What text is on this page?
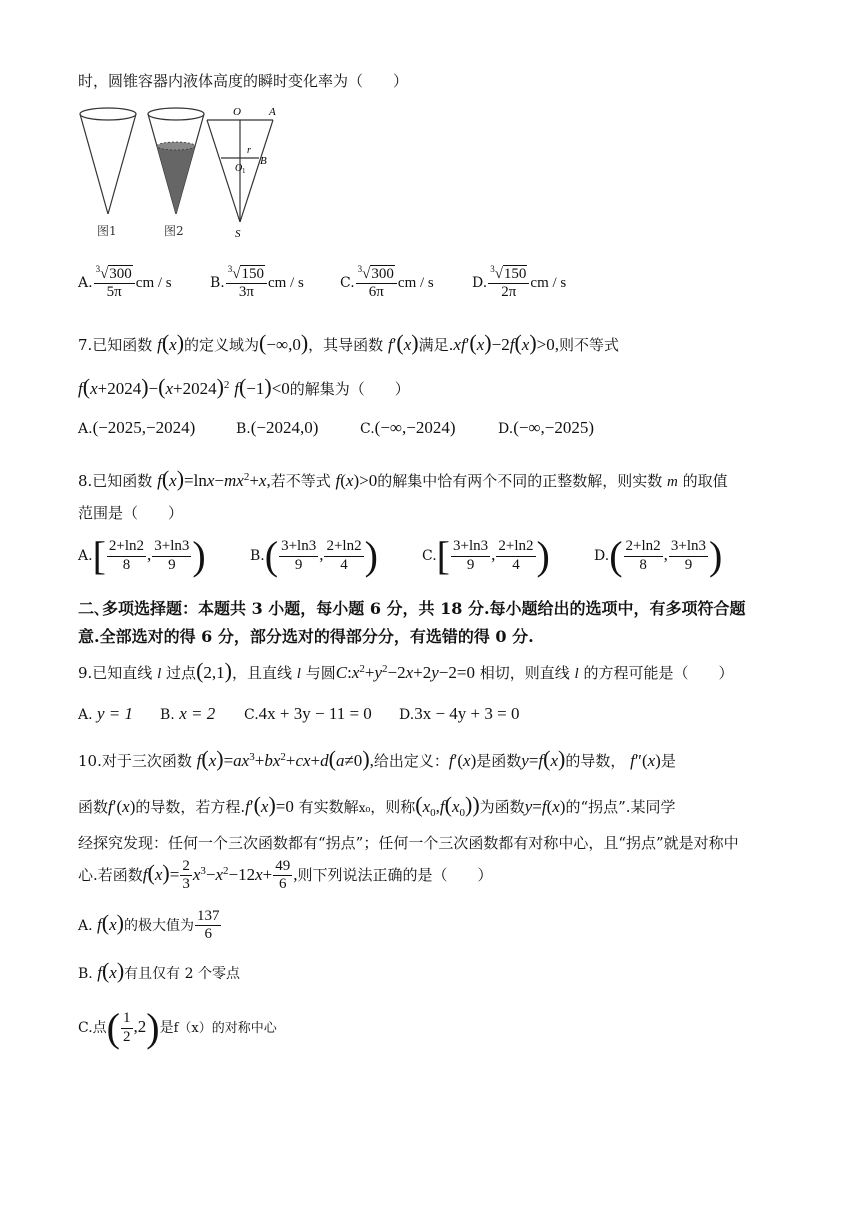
时，圆锥容器内液体高度的瞬时变化率为（　　）
O	A
r
B
O 1
S
图1	图2
A. $\frac{^3√300}{5\pi}$ cm / s	B. $\frac{^3√150}{3\pi}$ cm / s	C. $\frac{^3√300}{6\pi}$ cm / s	D. $\frac{^3√150}{2\pi}$ cm / s
7.已知函数 f(x)的定义域为(−∞,0)，其导函数 f′(x)满足.xf′(x)−2f(x)>0,则不等式
$f(x+2024)-(x+2024)^2$ f(−1)<0的解集为（　　）
A.(−2025,−2024)	B.(−2024,0)	C.(−∞,−2024)	D.(−∞,−2025)
8.已知函数 $f(x)=\ln x-mx^2+x$,若不等式 f(x)>0的解集中恰有两个不同的正整数解，则实数 m 的取值
范围是（　　）
$A.[ \frac{2+\ln 2}{8}$ , $\frac{3+\ln 3}{9}$ )	$B.( \frac{3+\ln 3}{9}$ , $\frac{2+\ln 2}{4}$ )	$C.[ \frac{3+\ln 3}{9}$ , $\frac{2+\ln 2}{4}$ )	$D.( \frac{2+\ln 2}{8}$ , $\frac{3+\ln 3}{9}$ )
二､多项选择题：本题共 3 小题，每小题 6 分，共 18 分.每小题给出的选项中，有多项符合题
意.全部选对的得 6 分，部分选对的得部分分，有选错的得 0 分.
9.已知直线 l 过点(2,1)，且直线 l 与圆$C:x^2+y^2-2x+2y-2=0$ 相切，则直线 l 的方程可能是（　　）
A. y = 1 B. x = 2 C.4x + 3y − 11 = 0 D.3x − 4y + 3 = 0
10.对于三次函数 $f(x)=ax^3+bx^2+cx+d(a\ne 0)$,给出定义：f′(x)是函数y=f(x)的导数， f″(x)是
函数f′(x)的导数，若方程.f′(x)=0 有实数解x₀，则称$(x_0,f(x_0))$为函数y=f(x)的“拐点”.某同学
经探究发现：任何一个三次函数都有“拐点”；任何一个三次函数都有对称中心，且“拐点”就是对称中
心.若函数$f(x)= \frac{2}{3} x^3-x^2-12x+ \frac{49}{6}$ ,则下列说法正确的是（　　）
A. f(x)的极大值为 $\frac{137}{6}$
B. f(x)有且仅有 2 个零点
C.点( $\frac{1}{2} ,2$)是f（x）的对称中心
